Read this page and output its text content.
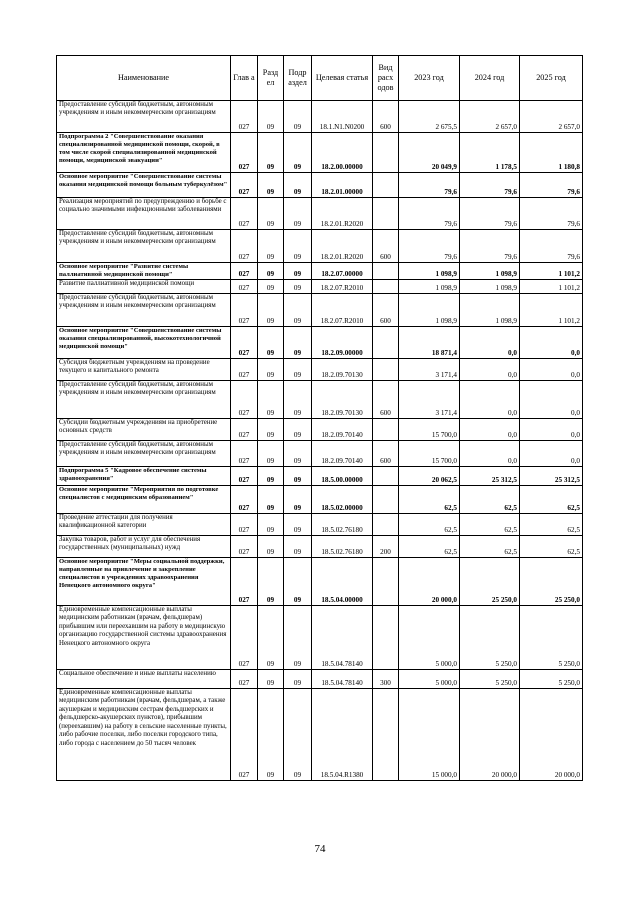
Наименование	Глав а	Разд ел	Подр аздел	Целевая статья	Вид расх одов	2023 год	2024 год	2025 год
Предоставление субсидий бюджетным, автономным учреждениям и иным некоммерческим организациям	027	09	09	18.1.N1.N0200	600	2 675,5	2 657,0	2 657,0
Подпрограмма 2 "Совершенствование оказания специализированной медицинской помощи, скорой, в том числе скорой специализированной медицинской помощи, медицинской эвакуации"	027	09	09	18.2.00.00000		20 049,9	1 178,5	1 180,8
Основное мероприятие "Совершенствование системы оказания медицинской помощи больным туберкулёзом"	027	09	09	18.2.01.00000		79,6	79,6	79,6
Реализация мероприятий по предупреждению и борьбе с социально значимыми инфекционными заболеваниями	027	09	09	18.2.01.R2020		79,6	79,6	79,6
Предоставление субсидий бюджетным, автономным учреждениям и иным некоммерческим организациям	027	09	09	18.2.01.R2020	600	79,6	79,6	79,6
Основное мероприятие "Развитие системы паллиативной медицинской помощи"	027	09	09	18.2.07.00000		1 098,9	1 098,9	1 101,2
Развитие паллиативной медицинской помощи	027	09	09	18.2.07.R2010		1 098,9	1 098,9	1 101,2
Предоставление субсидий бюджетным, автономным учреждениям и иным некоммерческим организациям	027	09	09	18.2.07.R2010	600	1 098,9	1 098,9	1 101,2
Основное мероприятие "Совершенствование системы оказания специализированной, высокотехнологичной медицинской помощи"	027	09	09	18.2.09.00000		18 871,4	0,0	0,0
Субсидия бюджетным учреждениям на проведение текущего и капитального ремонта	027	09	09	18.2.09.70130		3 171,4	0,0	0,0
Предоставление субсидий бюджетным, автономным учреждениям и иным некоммерческим организациям	027	09	09	18.2.09.70130	600	3 171,4	0,0	0,0
Субсидии бюджетным учреждениям на приобретение основных средств	027	09	09	18.2.09.70140		15 700,0	0,0	0,0
Предоставление субсидий бюджетным, автономным учреждениям и иным некоммерческим организациям	027	09	09	18.2.09.70140	600	15 700,0	0,0	0,0
Подпрограмма 5 "Кадровое обеспечение системы здравоохранения"	027	09	09	18.5.00.00000		20 062,5	25 312,5	25 312,5
Основное мероприятие "Мероприятия по подготовке специалистов с медицинским образованием"	027	09	09	18.5.02.00000		62,5	62,5	62,5
Проведение аттестации для получения квалификационной категории	027	09	09	18.5.02.76180		62,5	62,5	62,5
Закупка товаров, работ и услуг для обеспечения государственных (муниципальных) нужд	027	09	09	18.5.02.76180	200	62,5	62,5	62,5
Основное мероприятие "Меры социальной поддержки, направленные на привлечение и закрепление специалистов в учреждениях здравоохранения Ненецкого автономного округа"	027	09	09	18.5.04.00000		20 000,0	25 250,0	25 250,0
Единовременные компенсационные выплаты медицинским работникам (врачам, фельдшерам) прибывшим или переехавшим на работу в медицинскую организацию государственной системы здравоохранения Ненецкого автономного округа	027	09	09	18.5.04.78140		5 000,0	5 250,0	5 250,0
Социальное обеспечение и иные выплаты населению	027	09	09	18.5.04.78140	300	5 000,0	5 250,0	5 250,0
Единовременные компенсационные выплаты медицинским работникам (врачам, фельдшерам, а также акушеркам и медицинским сестрам фельдшерских и фельдшерско-акушерских пунктов), прибывшим (переехавшим) на работу в сельские населенные пункты, либо рабочие поселки, либо поселки городского типа, либо города с населением до 50 тысяч человек	027	09	09	18.5.04.R1380		15 000,0	20 000,0	20 000,0
74
